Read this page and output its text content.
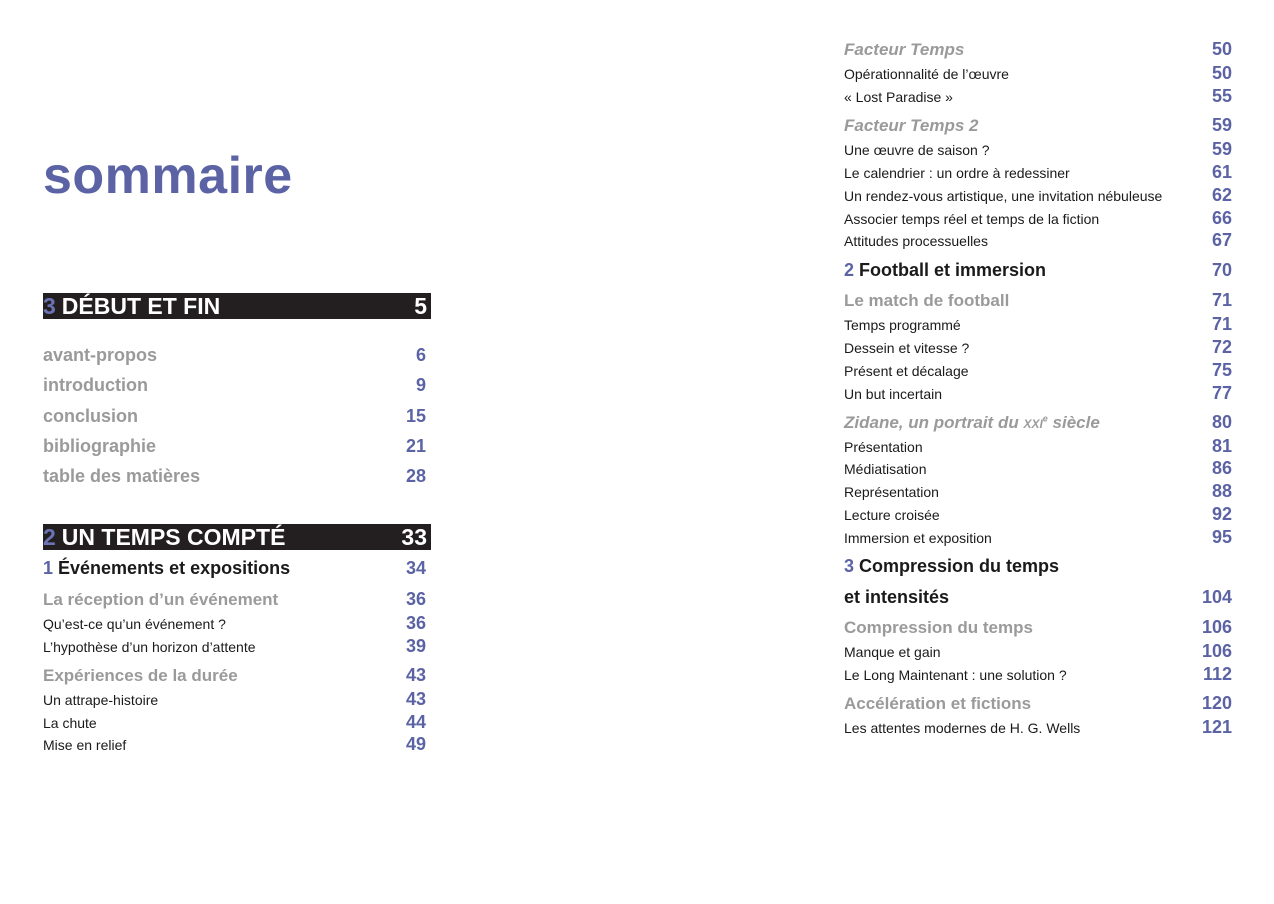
sommaire
3 DÉBUT ET FIN	5
avant-propos	6
introduction	9
conclusion	15
bibliographie	21
table des matières	28
2 UN TEMPS COMPTÉ	33
1 Événements et expositions	34
La réception d’un événement	36
Qu’est-ce qu’un événement ?	36
L’hypothèse d’un horizon d’attente	39
Expériences de la durée	43
Un attrape-histoire	43
La chute	44
Mise en relief	49
Facteur Temps	50
Opérationnalité de l’œuvre	50
« Lost Paradise »	55
Facteur Temps 2	59
Une œuvre de saison ?	59
Le calendrier : un ordre à redessiner	61
Un rendez-vous artistique, une invitation nébuleuse	62
Associer temps réel et temps de la fiction	66
Attitudes processuelles	67
2 Football et immersion	70
Le match de football	71
Temps programmé	71
Dessein et vitesse ?	72
Présent et décalage	75
Un but incertain	77
Zidane, un portrait du xxi$^e$ siècle	80
Présentation	81
Médiatisation	86
Représentation	88
Lecture croisée	92
Immersion et exposition	95
3 Compression du temps
et intensités	104
Compression du temps	106
Manque et gain	106
Le Long Maintenant : une solution ?	112
Accélération et fictions	120
Les attentes modernes de H. G. Wells	121
